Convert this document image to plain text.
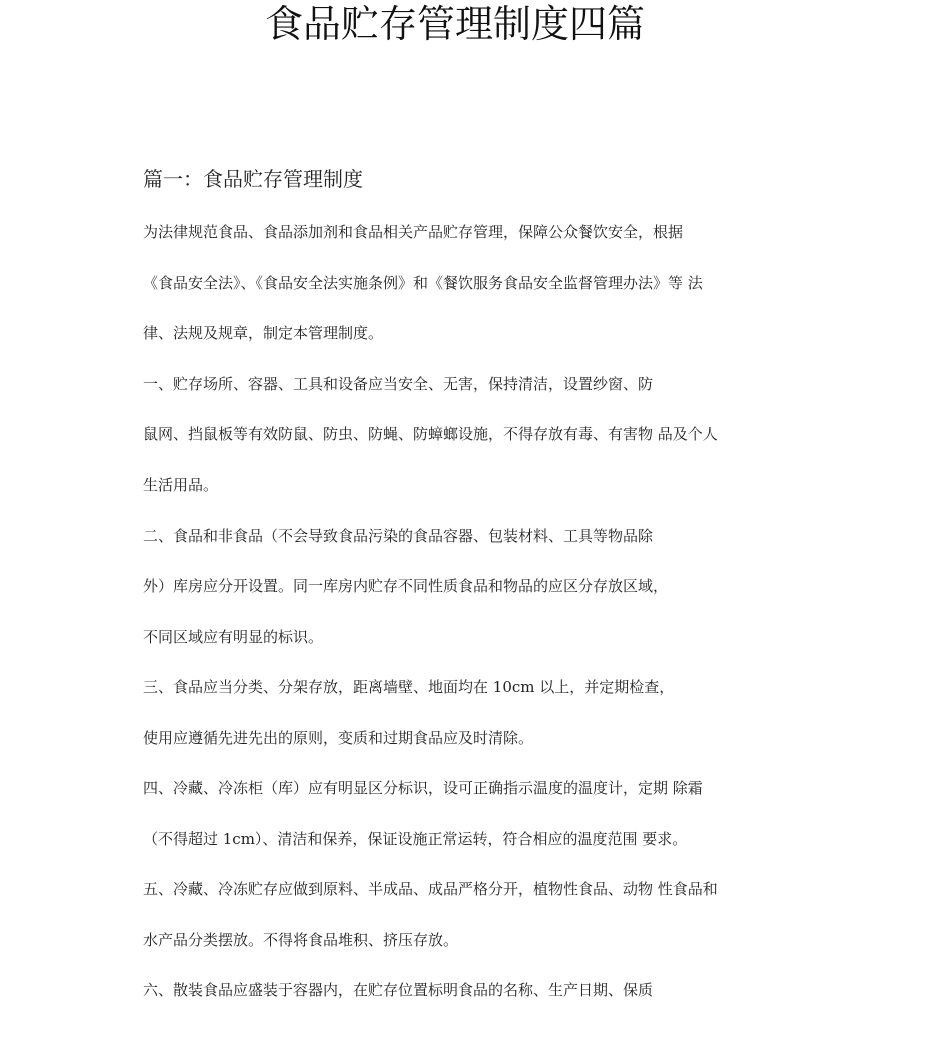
食品贮存管理制度四篇
篇一：食品贮存管理制度

为法律规范食品、食品添加剂和食品相关产品贮存管理，保障公众餐饮安全，根据

《食品安全法》、《食品安全法实施条例》和《餐饮服务食品安全监督管理办法》等 法

律、法规及规章，制定本管理制度。

一、贮存场所、容器、工具和设备应当安全、无害，保持清洁，设置纱窗、防

鼠网、挡鼠板等有效防鼠、防虫、防蝇、防蟑螂设施，不得存放有毒、有害物 品及个人

生活用品。

二、食品和非食品（不会导致食品污染的食品容器、包装材料、工具等物品除

外）库房应分开设置。同一库房内贮存不同性质食品和物品的应区分存放区域，

不同区域应有明显的标识。

三、食品应当分类、分架存放，距离墙壁、地面均在 10cm 以上，并定期检查，

使用应遵循先进先出的原则，变质和过期食品应及时清除。

四、冷藏、冷冻柜（库）应有明显区分标识，设可正确指示温度的温度计，定期 除霜

（不得超过 1cm）、清洁和保养，保证设施正常运转，符合相应的温度范围 要求。

五、冷藏、冷冻贮存应做到原料、半成品、成品严格分开，植物性食品、动物 性食品和

水产品分类摆放。不得将食品堆积、挤压存放。

六、散装食品应盛装于容器内，在贮存位置标明食品的名称、生产日期、保质
